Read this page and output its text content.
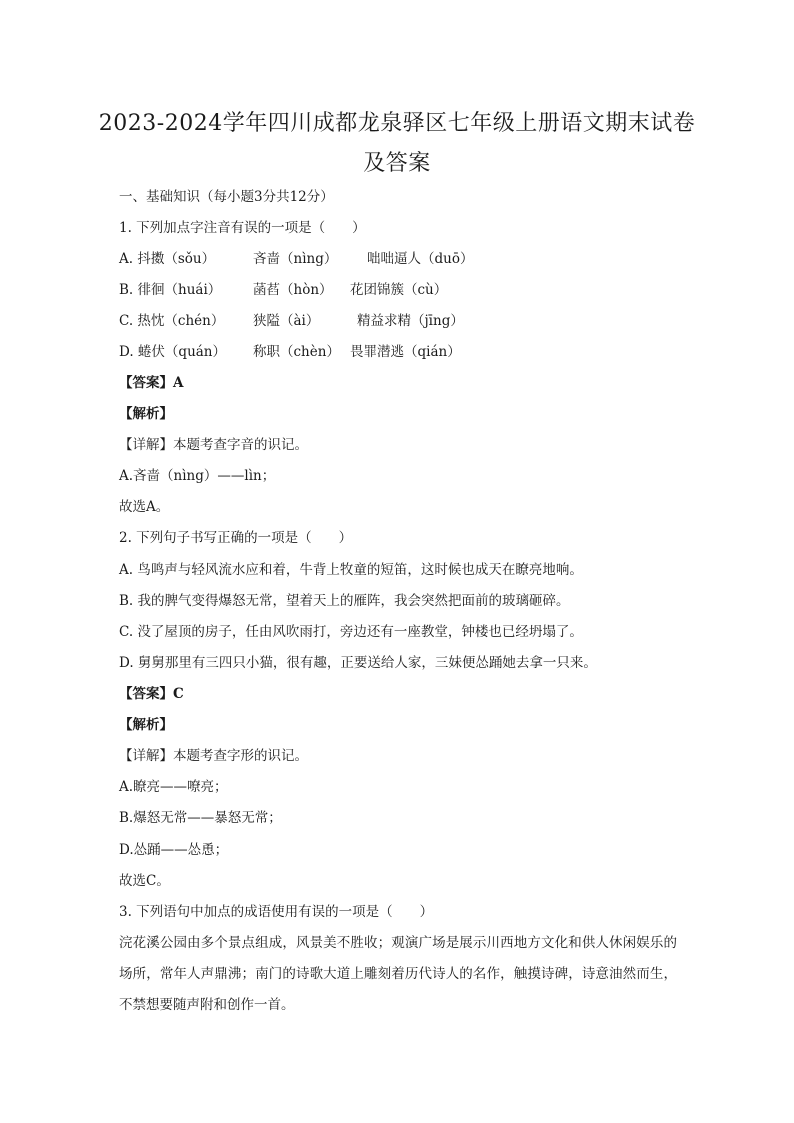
2023-2024学年四川成都龙泉驿区七年级上册语文期末试卷
及答案
一、基础知识（每小题3分共12分）
1. 下列加点字注音有误的一项是（　　）
A. 抖擞（sǒu）	吝啬（nìng） 咄咄逼人（duō）
B. 徘徊（huái） 菡萏（hòn） 花团锦簇（cù）
C. 热忱（chén） 狭隘（ài）	精益求精（jīng）
D. 蜷伏（quán） 称职（chèn） 畏罪潜逃（qián）
【答案】A
【解析】
【详解】本题考查字音的识记。
A.吝啬（nìng）——lìn；
故选A。
2. 下列句子书写正确的一项是（　　）
A. 鸟鸣声与轻风流水应和着，牛背上牧童的短笛，这时候也成天在瞭亮地响。
B. 我的脾气变得爆怒无常，望着天上的雁阵，我会突然把面前的玻璃砸碎。
C. 没了屋顶的房子，任由风吹雨打，旁边还有一座教堂，钟楼也已经坍塌了。
D. 舅舅那里有三四只小猫，很有趣，正要送给人家，三妹便怂踊她去拿一只来。
【答案】C
【解析】
【详解】本题考查字形的识记。
A.瞭亮——嘹亮；
B.爆怒无常——暴怒无常；
D.怂踊——怂恿；
故选C。
3. 下列语句中加点的成语使用有误的一项是（　　）
浣花溪公园由多个景点组成，风景美不胜收；观演广场是展示川西地方文化和供人休闲娱乐的场所，常年人声鼎沸；南门的诗歌大道上雕刻着历代诗人的名作，触摸诗碑，诗意油然而生，不禁想要随声附和创作一首。
